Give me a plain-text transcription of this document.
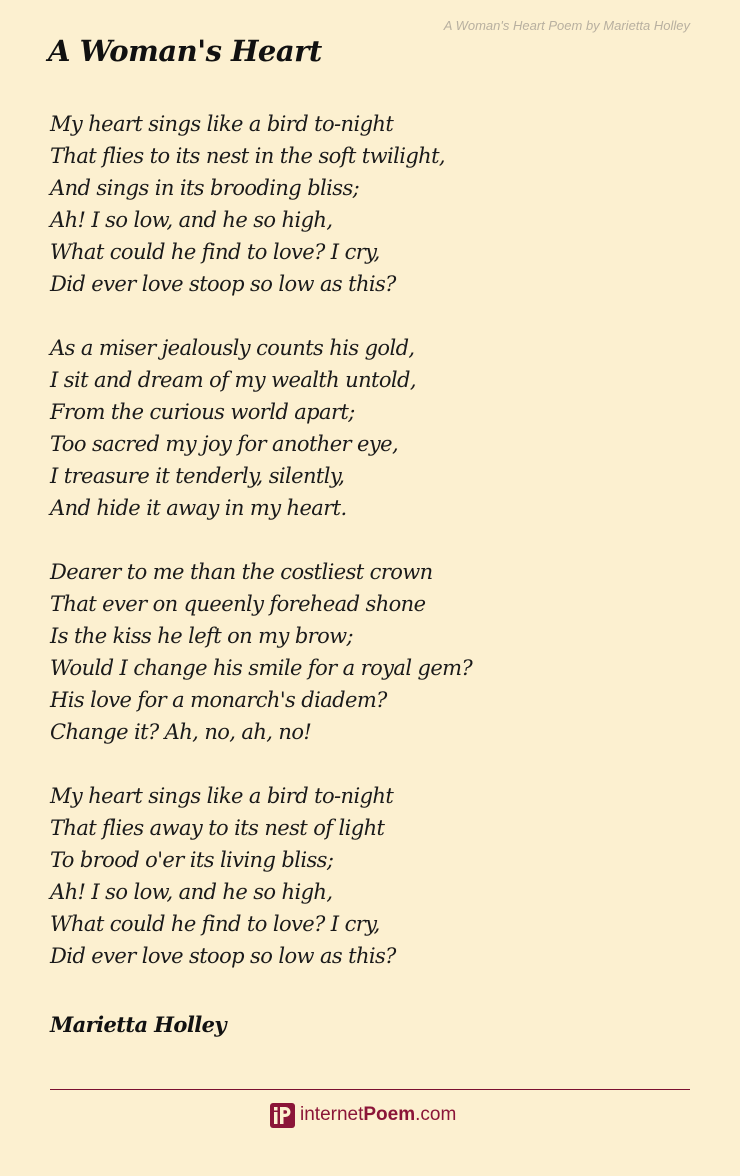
A Woman's Heart Poem by Marietta Holley
A Woman's Heart
My heart sings like a bird to-night
That flies to its nest in the soft twilight,
And sings in its brooding bliss;
Ah! I so low, and he so high,
What could he find to love? I cry,
Did ever love stoop so low as this?
As a miser jealously counts his gold,
I sit and dream of my wealth untold,
From the curious world apart;
Too sacred my joy for another eye,
I treasure it tenderly, silently,
And hide it away in my heart.
Dearer to me than the costliest crown
That ever on queenly forehead shone
Is the kiss he left on my brow;
Would I change his smile for a royal gem?
His love for a monarch's diadem?
Change it? Ah, no, ah, no!
My heart sings like a bird to-night
That flies away to its nest of light
To brood o'er its living bliss;
Ah! I so low, and he so high,
What could he find to love? I cry,
Did ever love stoop so low as this?
Marietta Holley
internet Poem .com
